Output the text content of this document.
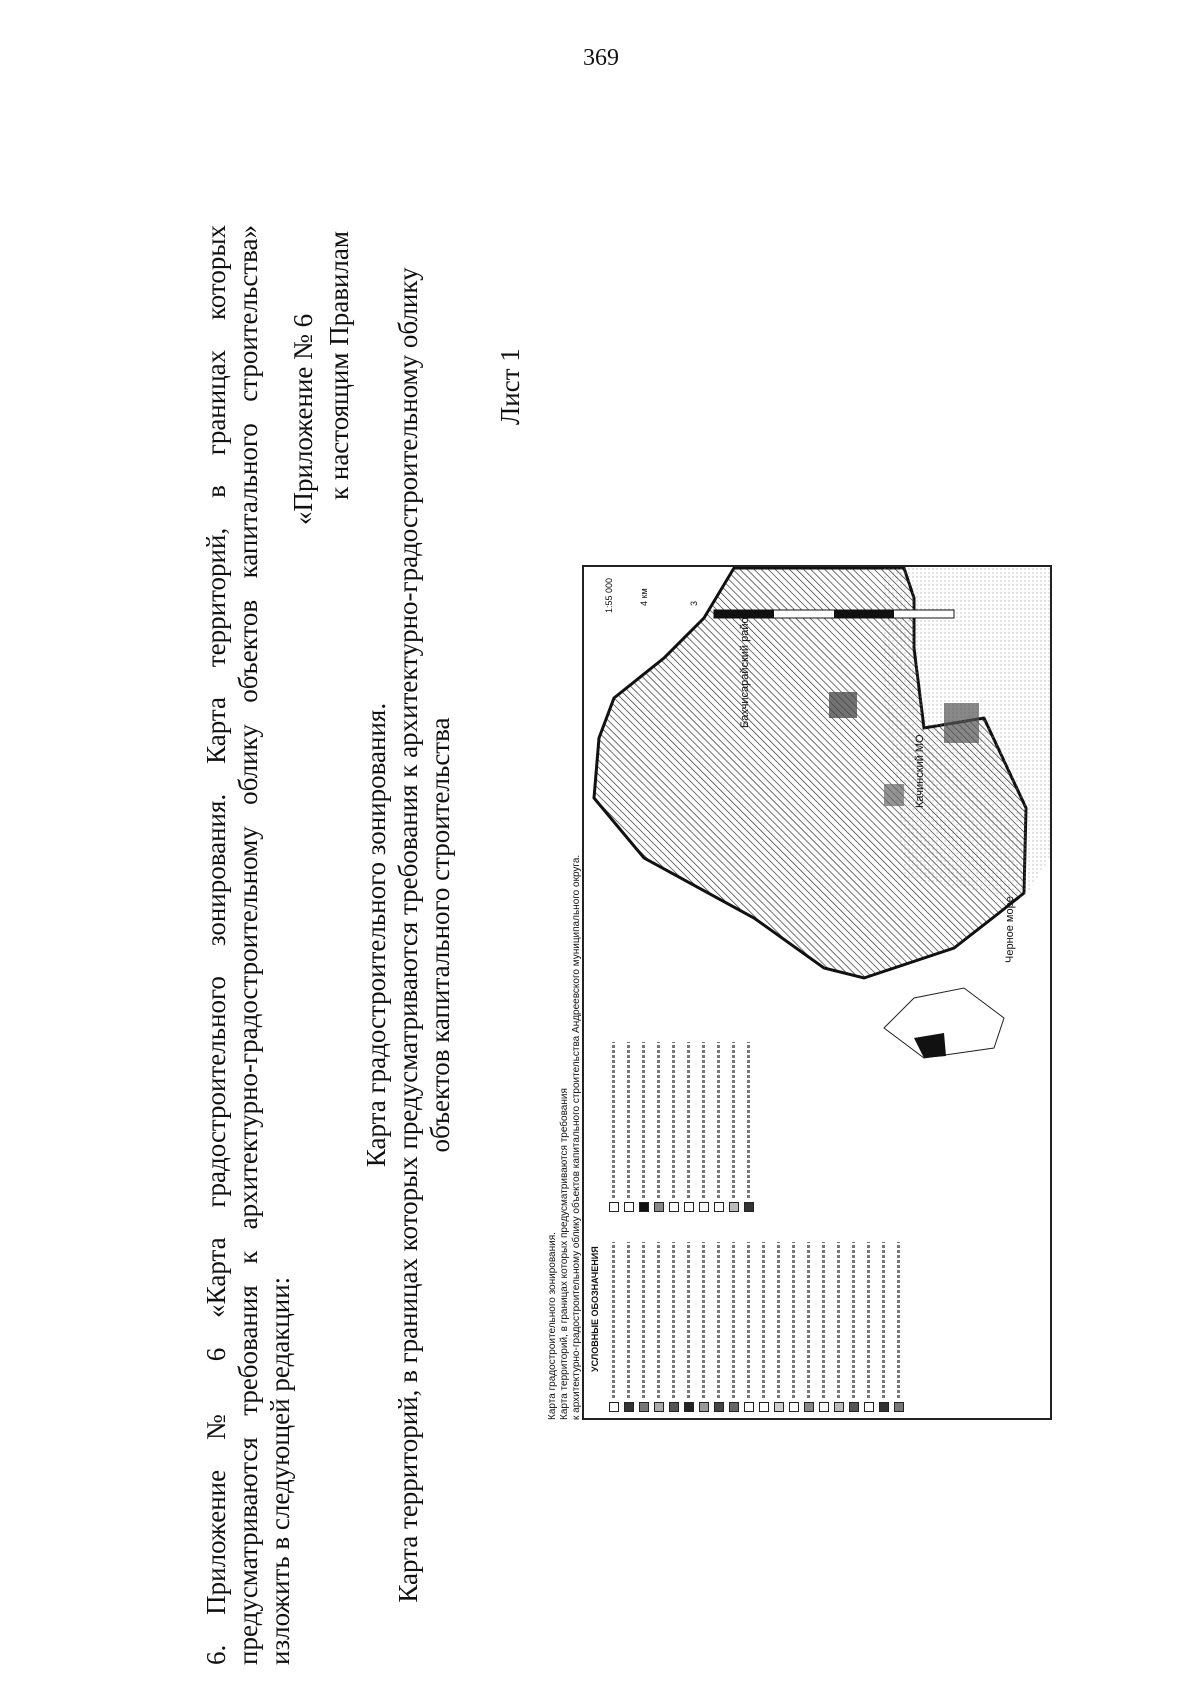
369
6. Приложение № 6 «Карта градостроительного зонирования. Карта территорий, в границах которых предусматриваются требования к архитектурно-градостроительному облику объектов капитального строительства» изложить в следующей редакции:
«Приложение № 6 к настоящим Правилам
Карта градостроительного зонирования. Карта территорий, в границах которых предусматриваются требования к архитектурно-градостроительному облику объектов капитального строительства
Лист 1
Карта градостроительного зонирования. Карта территорий, в границах которых предусматриваются требования к архитектурно-градостроительному облику объектов капитального строительства Андреевского муниципального округа. УСЛОВНЫЕ ОБОЗНАЧЕНИЯ
Черное море
Бахчисарайский район
Качинский МО
1:55 000	4 км	3
